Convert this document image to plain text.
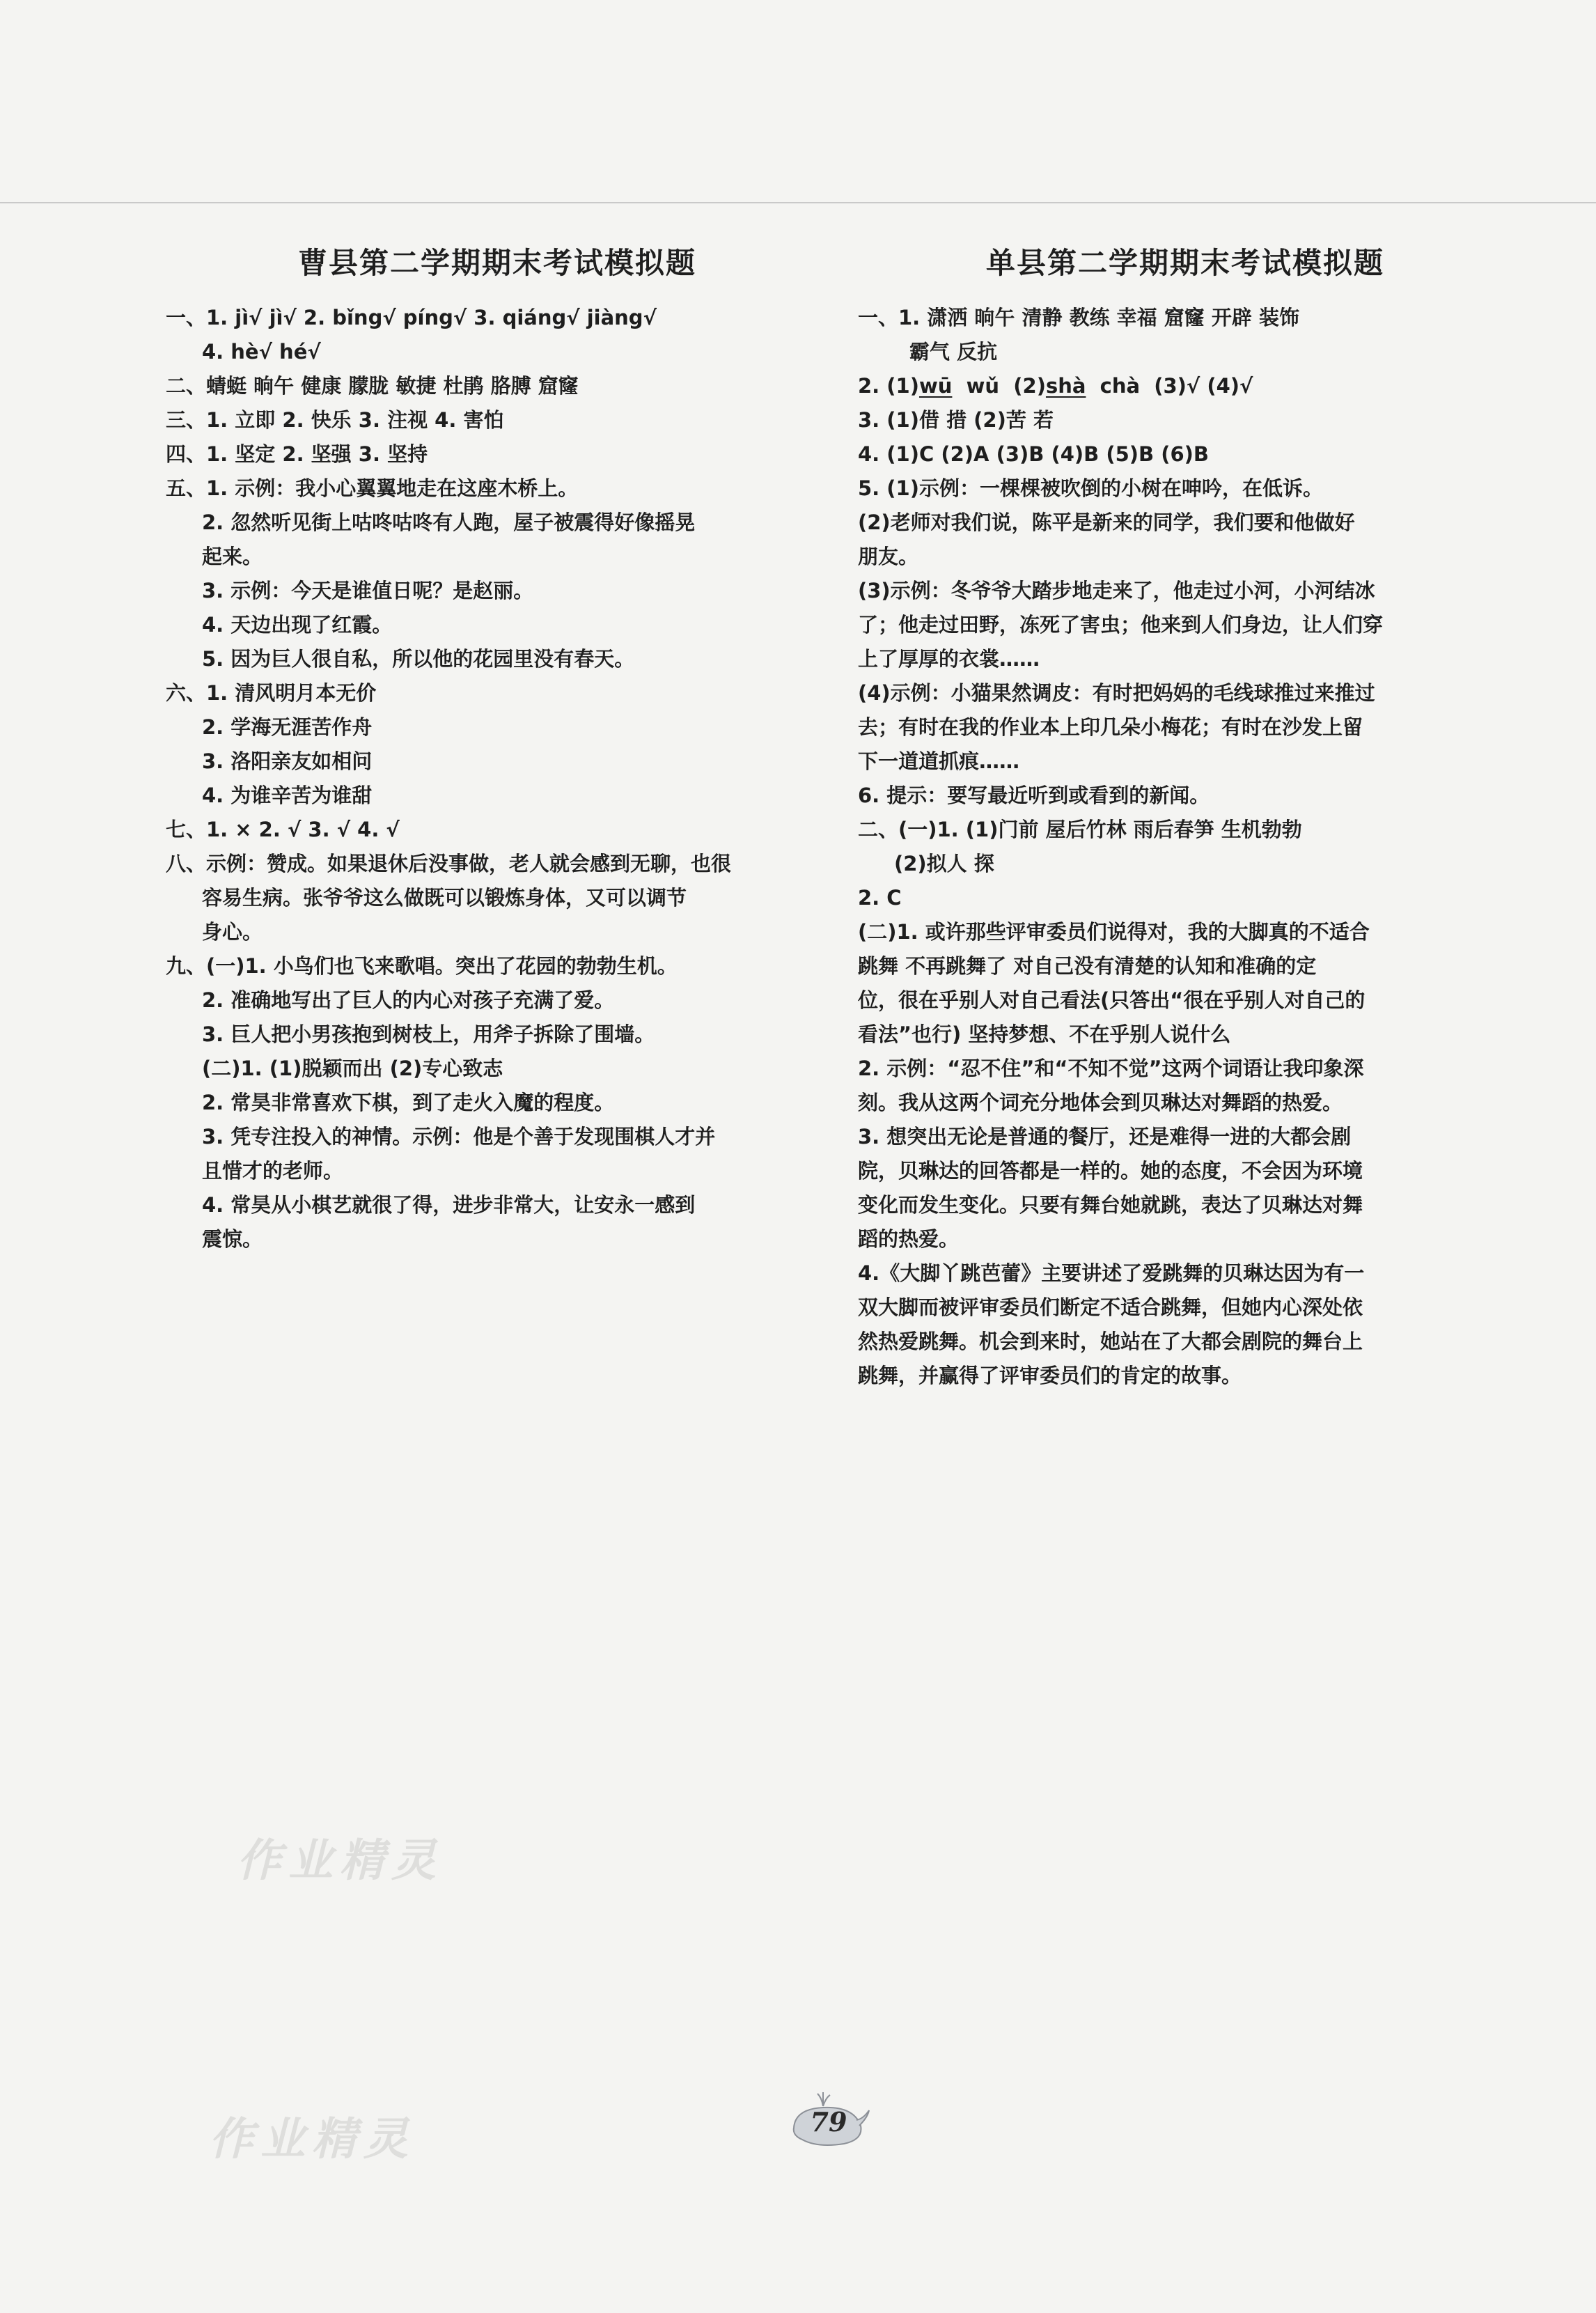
曹县第二学期期末考试模拟题
一、1. jì√ jì√ 2. bǐng√ píng√ 3. qiáng√ jiàng√
4. hè√ hé√
二、蜻蜓 晌午 健康 朦胧 敏捷 杜鹃 胳膊 窟窿
三、1. 立即 2. 快乐 3. 注视 4. 害怕
四、1. 坚定 2. 坚强 3. 坚持
五、1. 示例：我小心翼翼地走在这座木桥上。
2. 忽然听见街上咕咚咕咚有人跑，屋子被震得好像摇晃
起来。
3. 示例：今天是谁值日呢？是赵丽。
4. 天边出现了红霞。
5. 因为巨人很自私，所以他的花园里没有春天。
六、1. 清风明月本无价
2. 学海无涯苦作舟
3. 洛阳亲友如相问
4. 为谁辛苦为谁甜
七、1. × 2. √ 3. √ 4. √
八、示例：赞成。如果退休后没事做，老人就会感到无聊，也很
容易生病。张爷爷这么做既可以锻炼身体，又可以调节
身心。
九、(一)1. 小鸟们也飞来歌唱。突出了花园的勃勃生机。
2. 准确地写出了巨人的内心对孩子充满了爱。
3. 巨人把小男孩抱到树枝上，用斧子拆除了围墙。
(二)1. (1)脱颖而出 (2)专心致志
2. 常昊非常喜欢下棋，到了走火入魔的程度。
3. 凭专注投入的神情。示例：他是个善于发现围棋人才并
且惜才的老师。
4. 常昊从小棋艺就很了得，进步非常大，让安永一感到
震惊。
单县第二学期期末考试模拟题
一、1. 潇洒 晌午 清静 教练 幸福 窟窿 开辟 装饰
霸气 反抗
2. (1)wū wǔ (2)shà chà (3)√ (4)√
3. (1)借 措 (2)苦 若
4. (1)C (2)A (3)B (4)B (5)B (6)B
5. (1)示例：一棵棵被吹倒的小树在呻吟，在低诉。
(2)老师对我们说，陈平是新来的同学，我们要和他做好
朋友。
(3)示例：冬爷爷大踏步地走来了，他走过小河，小河结冰
了；他走过田野，冻死了害虫；他来到人们身边，让人们穿
上了厚厚的衣裳……
(4)示例：小猫果然调皮：有时把妈妈的毛线球推过来推过
去；有时在我的作业本上印几朵小梅花；有时在沙发上留
下一道道抓痕……
6. 提示：要写最近听到或看到的新闻。
二、(一)1. (1)门前 屋后竹林 雨后春笋 生机勃勃
(2)拟人 探
2. C
(二)1. 或许那些评审委员们说得对，我的大脚真的不适合
跳舞 不再跳舞了 对自己没有清楚的认知和准确的定
位，很在乎别人对自己看法(只答出“很在乎别人对自己的
看法”也行) 坚持梦想、不在乎别人说什么
2. 示例：“忍不住”和“不知不觉”这两个词语让我印象深
刻。我从这两个词充分地体会到贝琳达对舞蹈的热爱。
3. 想突出无论是普通的餐厅，还是难得一进的大都会剧
院，贝琳达的回答都是一样的。她的态度，不会因为环境
变化而发生变化。只要有舞台她就跳，表达了贝琳达对舞
蹈的热爱。
4.《大脚丫跳芭蕾》主要讲述了爱跳舞的贝琳达因为有一
双大脚而被评审委员们断定不适合跳舞，但她内心深处依
然热爱跳舞。机会到来时，她站在了大都会剧院的舞台上
跳舞，并赢得了评审委员们的肯定的故事。
作业精灵
作业精灵	79
